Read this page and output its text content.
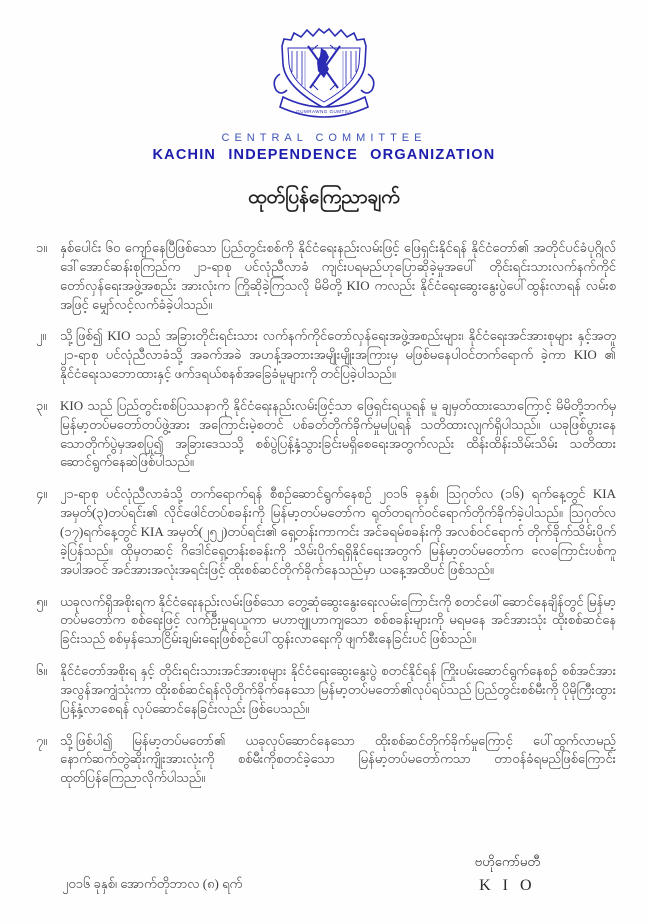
GUMRAWNG GUMTSA
CENTRAL COMMITTEE
KACHIN INDEPENDENCE ORGANIZATION
ထုတ်ပြန်ကြေညာချက်
၁။ နှစ်ပေါင်း ၆၀ ကျော်နေပြီဖြစ်သော ပြည်တွင်းစစ်ကို နိုင်ငံရေးနည်းလမ်းဖြင့် ဖြေရှင်းနိုင်ရန် နိုင်ငံတော်၏ အတိုင်ပင်ခံပုဂ္ဂိုလ် ဒေါ်အောင်ဆန်းစုကြည်က ၂၁-ရာစု ပင်လုံညီလာခံ ကျင်းပရမည်ဟုပြောဆိုခဲ့မှုအပေါ် တိုင်းရင်းသားလက်နက်ကိုင်တော်လှန်ရေးအဖွဲ့အစည်း အားလုံးက ကြိုဆိုခဲ့ကြသလို မိမိတို့ KIO ကလည်း နိုင်ငံရေးဆွေးနွေးပွဲပေါ်ထွန်းလာရန် လမ်းစအဖြင့် မျှော်လင့်လက်ခံခဲ့ပါသည်။
၂။	သို့ဖြစ်၍ KIO သည် အခြားတိုင်းရင်းသား လက်နက်ကိုင်တော်လှန်ရေးအဖွဲ့အစည်းများ၊ နိုင်ငံရေးအင်အားစုများ နှင့်အတူ ၂၁-ရာစု ပင်လုံညီလာခံသို့ အခက်အခဲ အဟန့်အတားအမျိုးမျိုးအကြားမှ မဖြစ်မနေပါဝင်တက်ရောက် ခဲ့ကာ KIO ၏ နိုင်ငံရေးသဘောထားနှင့် ဖက်ဒရယ်စနစ်အခြေခံမူများကို တင်ပြခဲ့ပါသည်။
၃။ KIO သည် ပြည်တွင်းစစ်ပြဿနာကို နိုင်ငံရေးနည်းလမ်းဖြင့်သာ ဖြေရှင်းရယူရန် မူ ချမှတ်ထားသောကြောင့် မိမိတို့ဘက်မှ မြန်မာ့တပ်မတော်တပ်ဖွဲ့အား အကြောင်းမဲ့စတင် ပစ်ခတ်တိုက်ခိုက်မှုမပြုရန် သတိထားလျက်ရှိပါသည်။ ယခုဖြစ်ပွားနေသောတိုက်ပွဲမှအစပြု၍ အခြားဒေသသို့ စစ်ပွဲပြန့်နှံ့သွားခြင်းမရှိစေရေးအတွက်လည်း ထိန်းထိန်းသိမ်းသိမ်း သတိထားဆောင်ရွက်နေဆဲဖြစ်ပါသည်။
၄။ ၂၁-ရာစု ပင်လုံညီလာခံသို့ တက်ရောက်ရန် စီစဉ်ဆောင်ရွက်နေစဉ် ၂၀၁၆ ခုနှစ်၊ သြဂုတ်လ (၁၆) ရက်နေ့တွင် KIA အမှတ်(၃)တပ်ရင်း၏ လိုင်ဖေါင်တပ်စခန်းကို မြန်မာ့တပ်မတော်က ရုတ်တရက်ဝင်ရောက်တိုက်ခိုက်ခဲ့ပါသည်။ သြဂုတ်လ (၁၇)ရက်နေ့တွင် KIA အမှတ်(၂၅၂)တပ်ရင်း၏ ရှေ့တန်းကာကင်း အင်ခရမ်စခန်းကို အလစ်ဝင်ရောက် တိုက်ခိုက်သိမ်းပိုက်ခဲ့ပြန်သည်။ ထိုမှတဆင့် ဂိဒေါင်ရှေ့တန်းစခန်းကို သိမ်းပိုက်ရရှိနိုင်ရေးအတွက် မြန်မာ့တပ်မတော်က လေကြောင်းပစ်ကူအပါအဝင် အင်အားအလုံးအရင်းဖြင့် ထိုးစစ်ဆင်တိုက်ခိုက်နေသည်မှာ ယနေ့အထိပင် ဖြစ်သည်။
၅။ ယခုလက်ရှိအစိုးရက နိုင်ငံရေးနည်းလမ်းဖြစ်သော တွေ့ဆုံဆွေးနွေးရေးလမ်းကြောင်းကို စတင်ဖေါ်ဆောင်နေချိန်တွင် မြန်မာ့တပ်မတော်က စစ်ရေးဖြင့် လက်ဦးမှုရယူကာ မဟာဗျူဟာကျသော စစ်စခန်းများကို မရမနေ အင်အားသုံး ထိုးစစ်ဆင်နေခြင်းသည် စစ်မှန်သောငြိမ်းချမ်းရေးဖြစ်စဉ်ပေါ်ထွန်းလာရေးကို ဖျက်စီးနေခြင်းပင် ဖြစ်သည်။
၆။ နိုင်ငံတော်အစိုးရ နှင့် တိုင်းရင်းသားအင်အားစုများ နိုင်ငံရေးဆွေးနွေးပွဲ စတင်နိုင်ရန် ကြိုးပမ်းဆောင်ရွက်နေစဉ် စစ်အင်အားအလွန်အကျွံသုံးကာ ထိုးစစ်ဆင်ရန်လိုတိုက်ခိုက်နေသော မြန်မာ့တပ်မတော်၏လုပ်ရပ်သည် ပြည်တွင်းစစ်မီးကို ပိုမိုကြီးထွားပြန့်နှံ့လာစေရန် လုပ်ဆောင်နေခြင်းလည်း ဖြစ်ပေသည်။
၇။ သို့ဖြစ်ပါ၍ မြန်မာ့တပ်မတော်၏ ယခုလုပ်ဆောင်နေသော ထိုးစစ်ဆင်တိုက်ခိုက်မှုကြောင့် ပေါ်ထွက်လာမည့် နောက်ဆက်တွဲဆိုးကျိုးအားလုံးကို စစ်မီးကိုစတင်ခဲ့သော မြန်မာ့တပ်မတော်ကသာ တာဝန်ခံရမည်ဖြစ်ကြောင်း ထုတ်ပြန်ကြေညာလိုက်ပါသည်။
၂၀၁၆ ခုနှစ်၊ အောက်တိုဘာလ (၈) ရက်
ဗဟိုကော်မတီ
K I O
